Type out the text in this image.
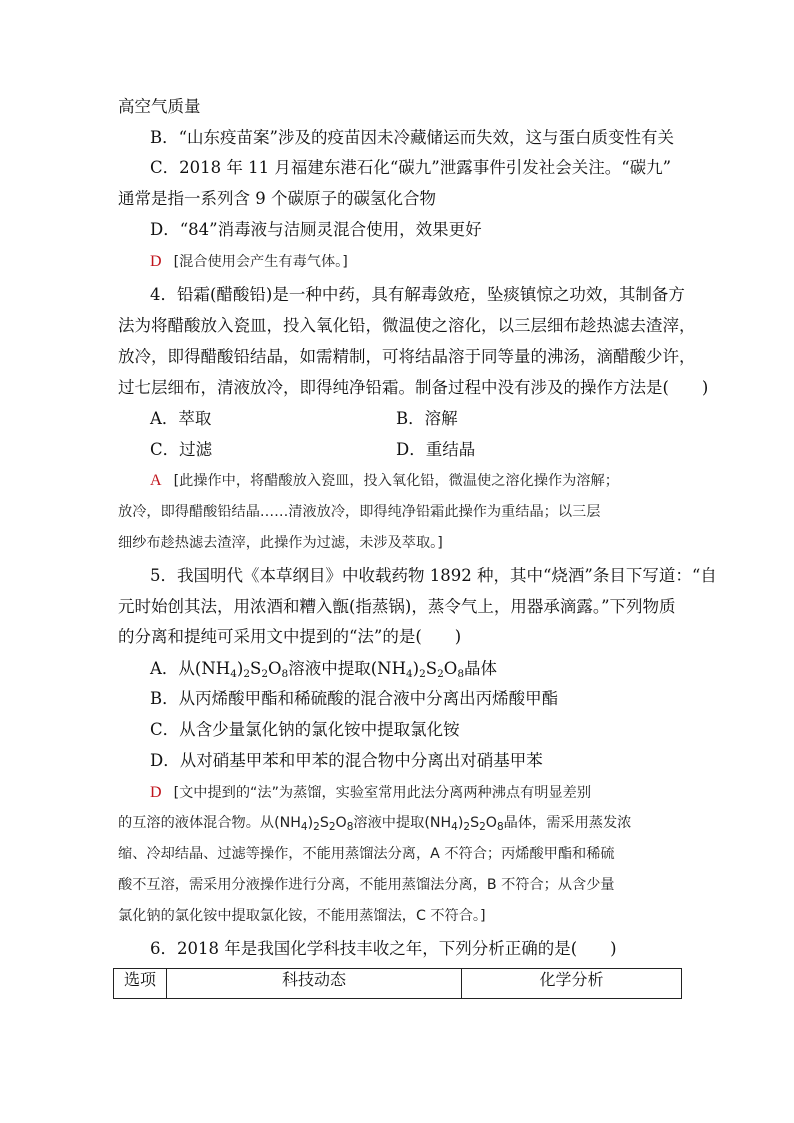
高空气质量
B．“山东疫苗案”涉及的疫苗因未冷藏储运而失效，这与蛋白质变性有关
C．2018 年 11 月福建东港石化“碳九”泄露事件引发社会关注。“碳九”
通常是指一系列含 9 个碳原子的碳氢化合物
D．“84”消毒液与洁厕灵混合使用，效果更好
D [混合使用会产生有毒气体。]
4．铅霜(醋酸铅)是一种中药，具有解毒敛疮，坠痰镇惊之功效，其制备方
法为将醋酸放入瓷皿，投入氧化铅，微温使之溶化，以三层细布趁热滤去渣滓，
放冷，即得醋酸铅结晶，如需精制，可将结晶溶于同等量的沸汤，滴醋酸少许，
过七层细布，清液放冷，即得纯净铅霜。制备过程中没有涉及的操作方法是(　　)
A．萃取	B．溶解
C．过滤	D．重结晶
A [此操作中，将醋酸放入瓷皿，投入氧化铅，微温使之溶化操作为溶解；
放冷，即得醋酸铅结晶……清液放冷，即得纯净铅霜此操作为重结晶；以三层
细纱布趁热滤去渣滓，此操作为过滤，未涉及萃取。]
5．我国明代《本草纲目》中收载药物 1892 种，其中“烧酒”条目下写道：“自
元时始创其法，用浓酒和糟入甑(指蒸锅)，蒸令气上，用器承滴露。”下列物质
的分离和提纯可采用文中提到的“法”的是(　　)
A．从$(NH_4)_2S_2O_8$溶液中提取$(NH_4)_2S_2O_8$晶体
B．从丙烯酸甲酯和稀硫酸的混合液中分离出丙烯酸甲酯
C．从含少量氯化钠的氯化铵中提取氯化铵
D．从对硝基甲苯和甲苯的混合物中分离出对硝基甲苯
D [文中提到的“法”为蒸馏，实验室常用此法分离两种沸点有明显差别
的互溶的液体混合物。从$(NH_4)_2S_2O_8$溶液中提取$(NH_4)_2S_2O_8$晶体，需采用蒸发浓
缩、冷却结晶、过滤等操作，不能用蒸馏法分离，A 不符合；丙烯酸甲酯和稀硫
酸不互溶，需采用分液操作进行分离，不能用蒸馏法分离，B 不符合；从含少量
氯化钠的氯化铵中提取氯化铵，不能用蒸馏法，C 不符合。]
6．2018 年是我国化学科技丰收之年，下列分析正确的是(　　)
选项	科技动态	化学分析
